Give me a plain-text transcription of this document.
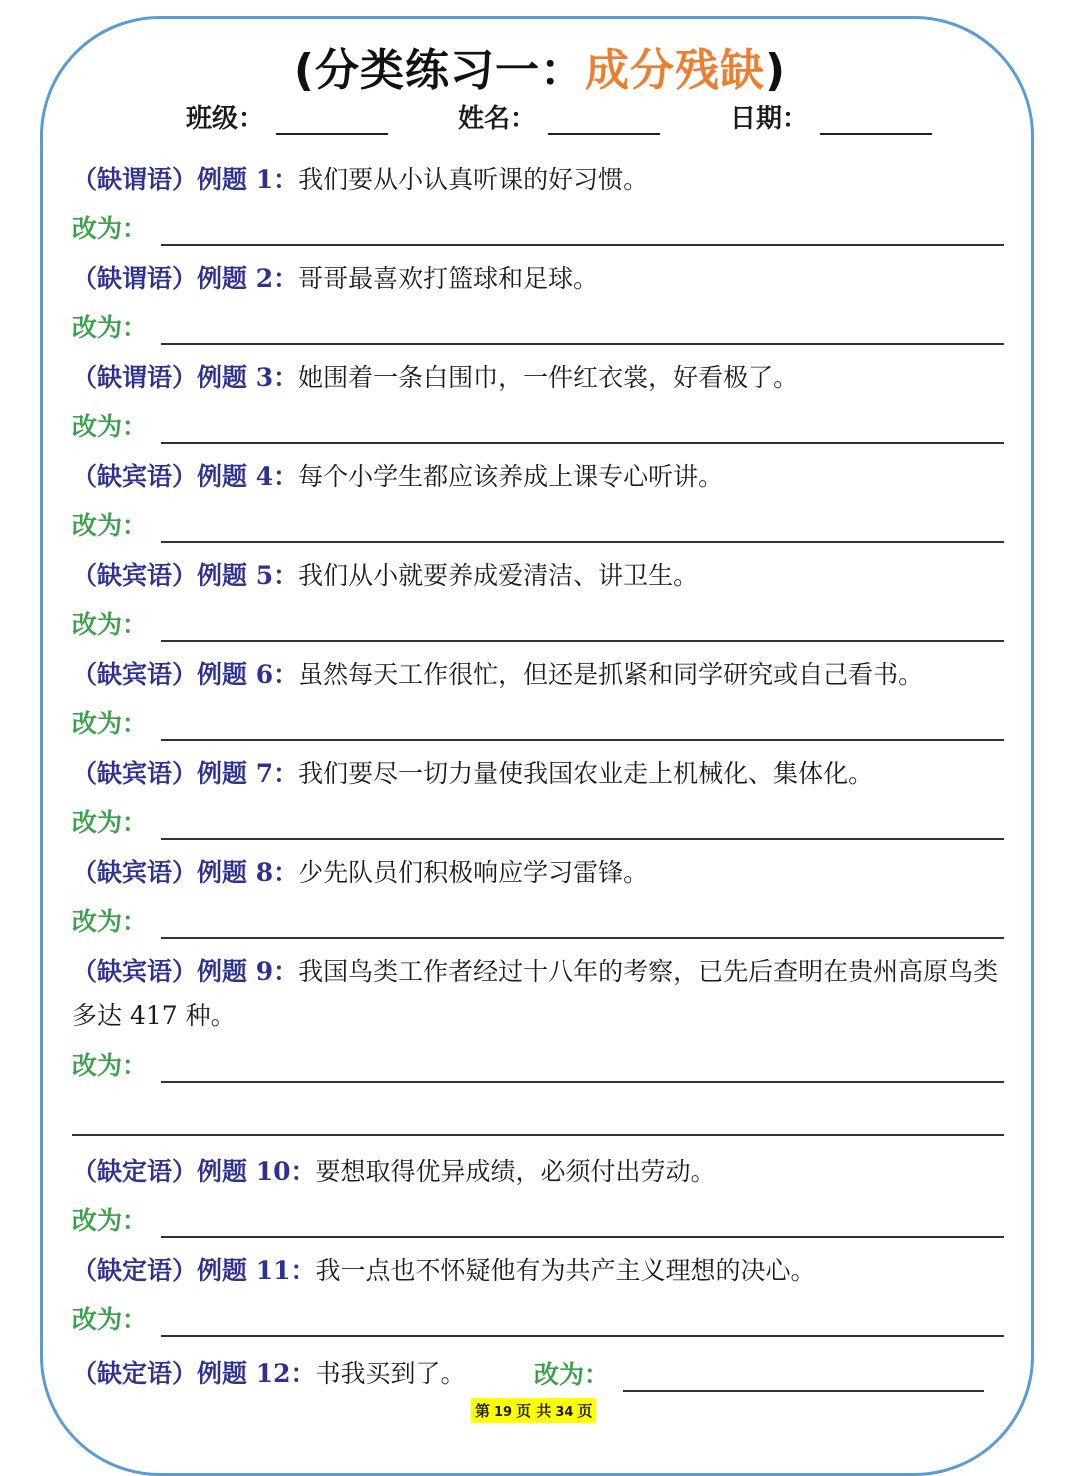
(分类练习一：成分残缺)
班级：	姓名：	日期：
（缺谓语）例题 1：我们要从小认真听课的好习惯。
改为：
（缺谓语）例题 2：哥哥最喜欢打篮球和足球。
改为：
（缺谓语）例题 3：她围着一条白围巾，一件红衣裳，好看极了。
改为：
（缺宾语）例题 4：每个小学生都应该养成上课专心听讲。
改为：
（缺宾语）例题 5：我们从小就要养成爱清洁、讲卫生。
改为：
（缺宾语）例题 6：虽然每天工作很忙，但还是抓紧和同学研究或自己看书。
改为：
（缺宾语）例题 7：我们要尽一切力量使我国农业走上机械化、集体化。
改为：
（缺宾语）例题 8：少先队员们积极响应学习雷锋。
改为：
（缺宾语）例题 9：我国鸟类工作者经过十八年的考察，已先后查明在贵州高原鸟类多达 417 种。
改为：
（缺定语）例题 10：要想取得优异成绩，必须付出劳动。
改为：
（缺定语）例题 11：我一点也不怀疑他有为共产主义理想的决心。
改为：
（缺定语）例题 12：书我买到了。	改为：
第 19 页 共 34 页
